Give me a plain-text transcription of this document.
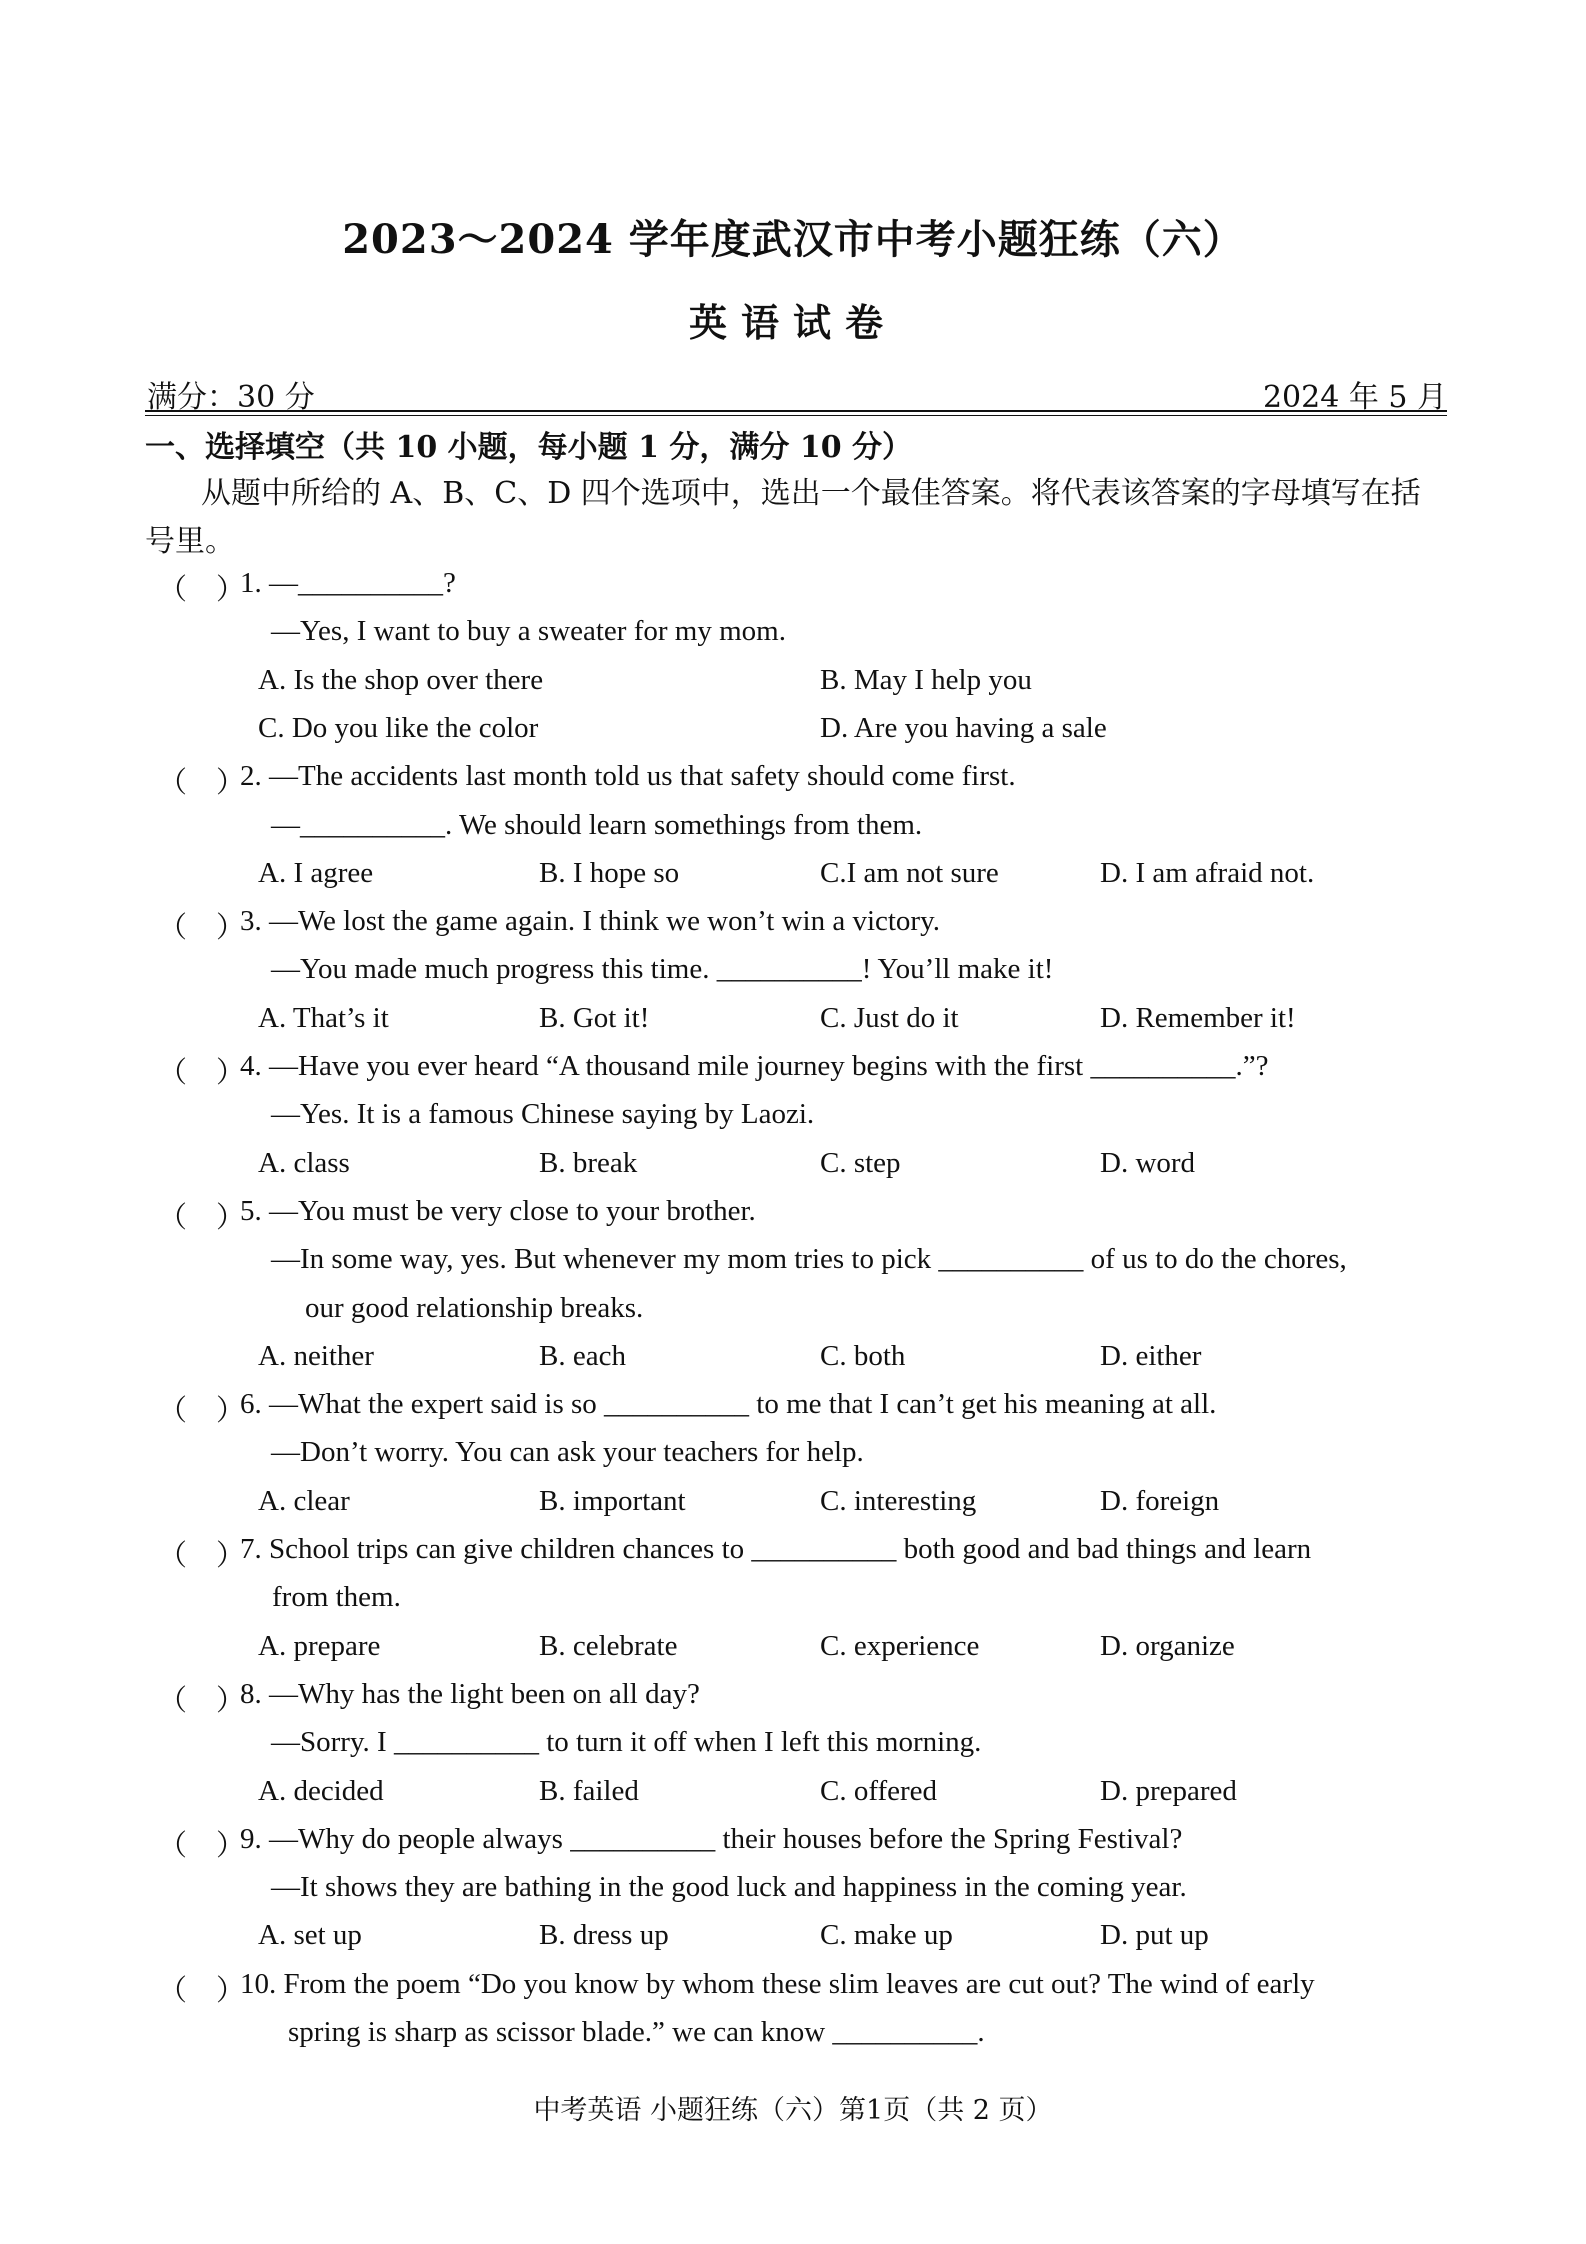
2023～2024 学年度武汉市中考小题狂练（六）
英语试卷
满分：30 分	2024 年 5 月
一、选择填空（共 10 小题，每小题 1 分，满分 10 分）
从题中所给的 A、B、C、D 四个选项中，选出一个最佳答案。将代表该答案的字母填写在括号里。
（　）
1. —__________?
—Yes, I want to buy a sweater for my mom.
A. Is the shop over there	B. May I help you
C. Do you like the color	D. Are you having a sale
（　）
2. —The accidents last month told us that safety should come first.
—__________. We should learn somethings from them.
A. I agree	B. I hope so	C.I am not sure	D. I am afraid not.
（　）
3. —We lost the game again. I think we won’t win a victory.
—You made much progress this time. __________! You’ll make it!
A. That’s it	B. Got it!	C. Just do it	D. Remember it!
（　）
4. —Have you ever heard “A thousand mile journey begins with the first __________.”?
—Yes. It is a famous Chinese saying by Laozi.
A. class	B. break	C. step	D. word
（　）
5. —You must be very close to your brother.
—In some way, yes. But whenever my mom tries to pick __________ of us to do the chores,
our good relationship breaks.
A. neither	B. each	C. both	D. either
（　）
6. —What the expert said is so __________ to me that I can’t get his meaning at all.
—Don’t worry. You can ask your teachers for help.
A. clear	B. important	C. interesting	D. foreign
（　）
7. School trips can give children chances to __________ both good and bad things and learn
from them.
A. prepare	B. celebrate	C. experience	D. organize
（　）
8. —Why has the light been on all day?
—Sorry. I __________ to turn it off when I left this morning.
A. decided	B. failed	C. offered	D. prepared
（　）
9. —Why do people always __________ their houses before the Spring Festival?
—It shows they are bathing in the good luck and happiness in the coming year.
A. set up	B. dress up	C. make up	D. put up
（　）
10. From the poem “Do you know by whom these slim leaves are cut out? The wind of early
spring is sharp as scissor blade.” we can know __________.
中考英语 小题狂练（六）第1页（共 2 页）
